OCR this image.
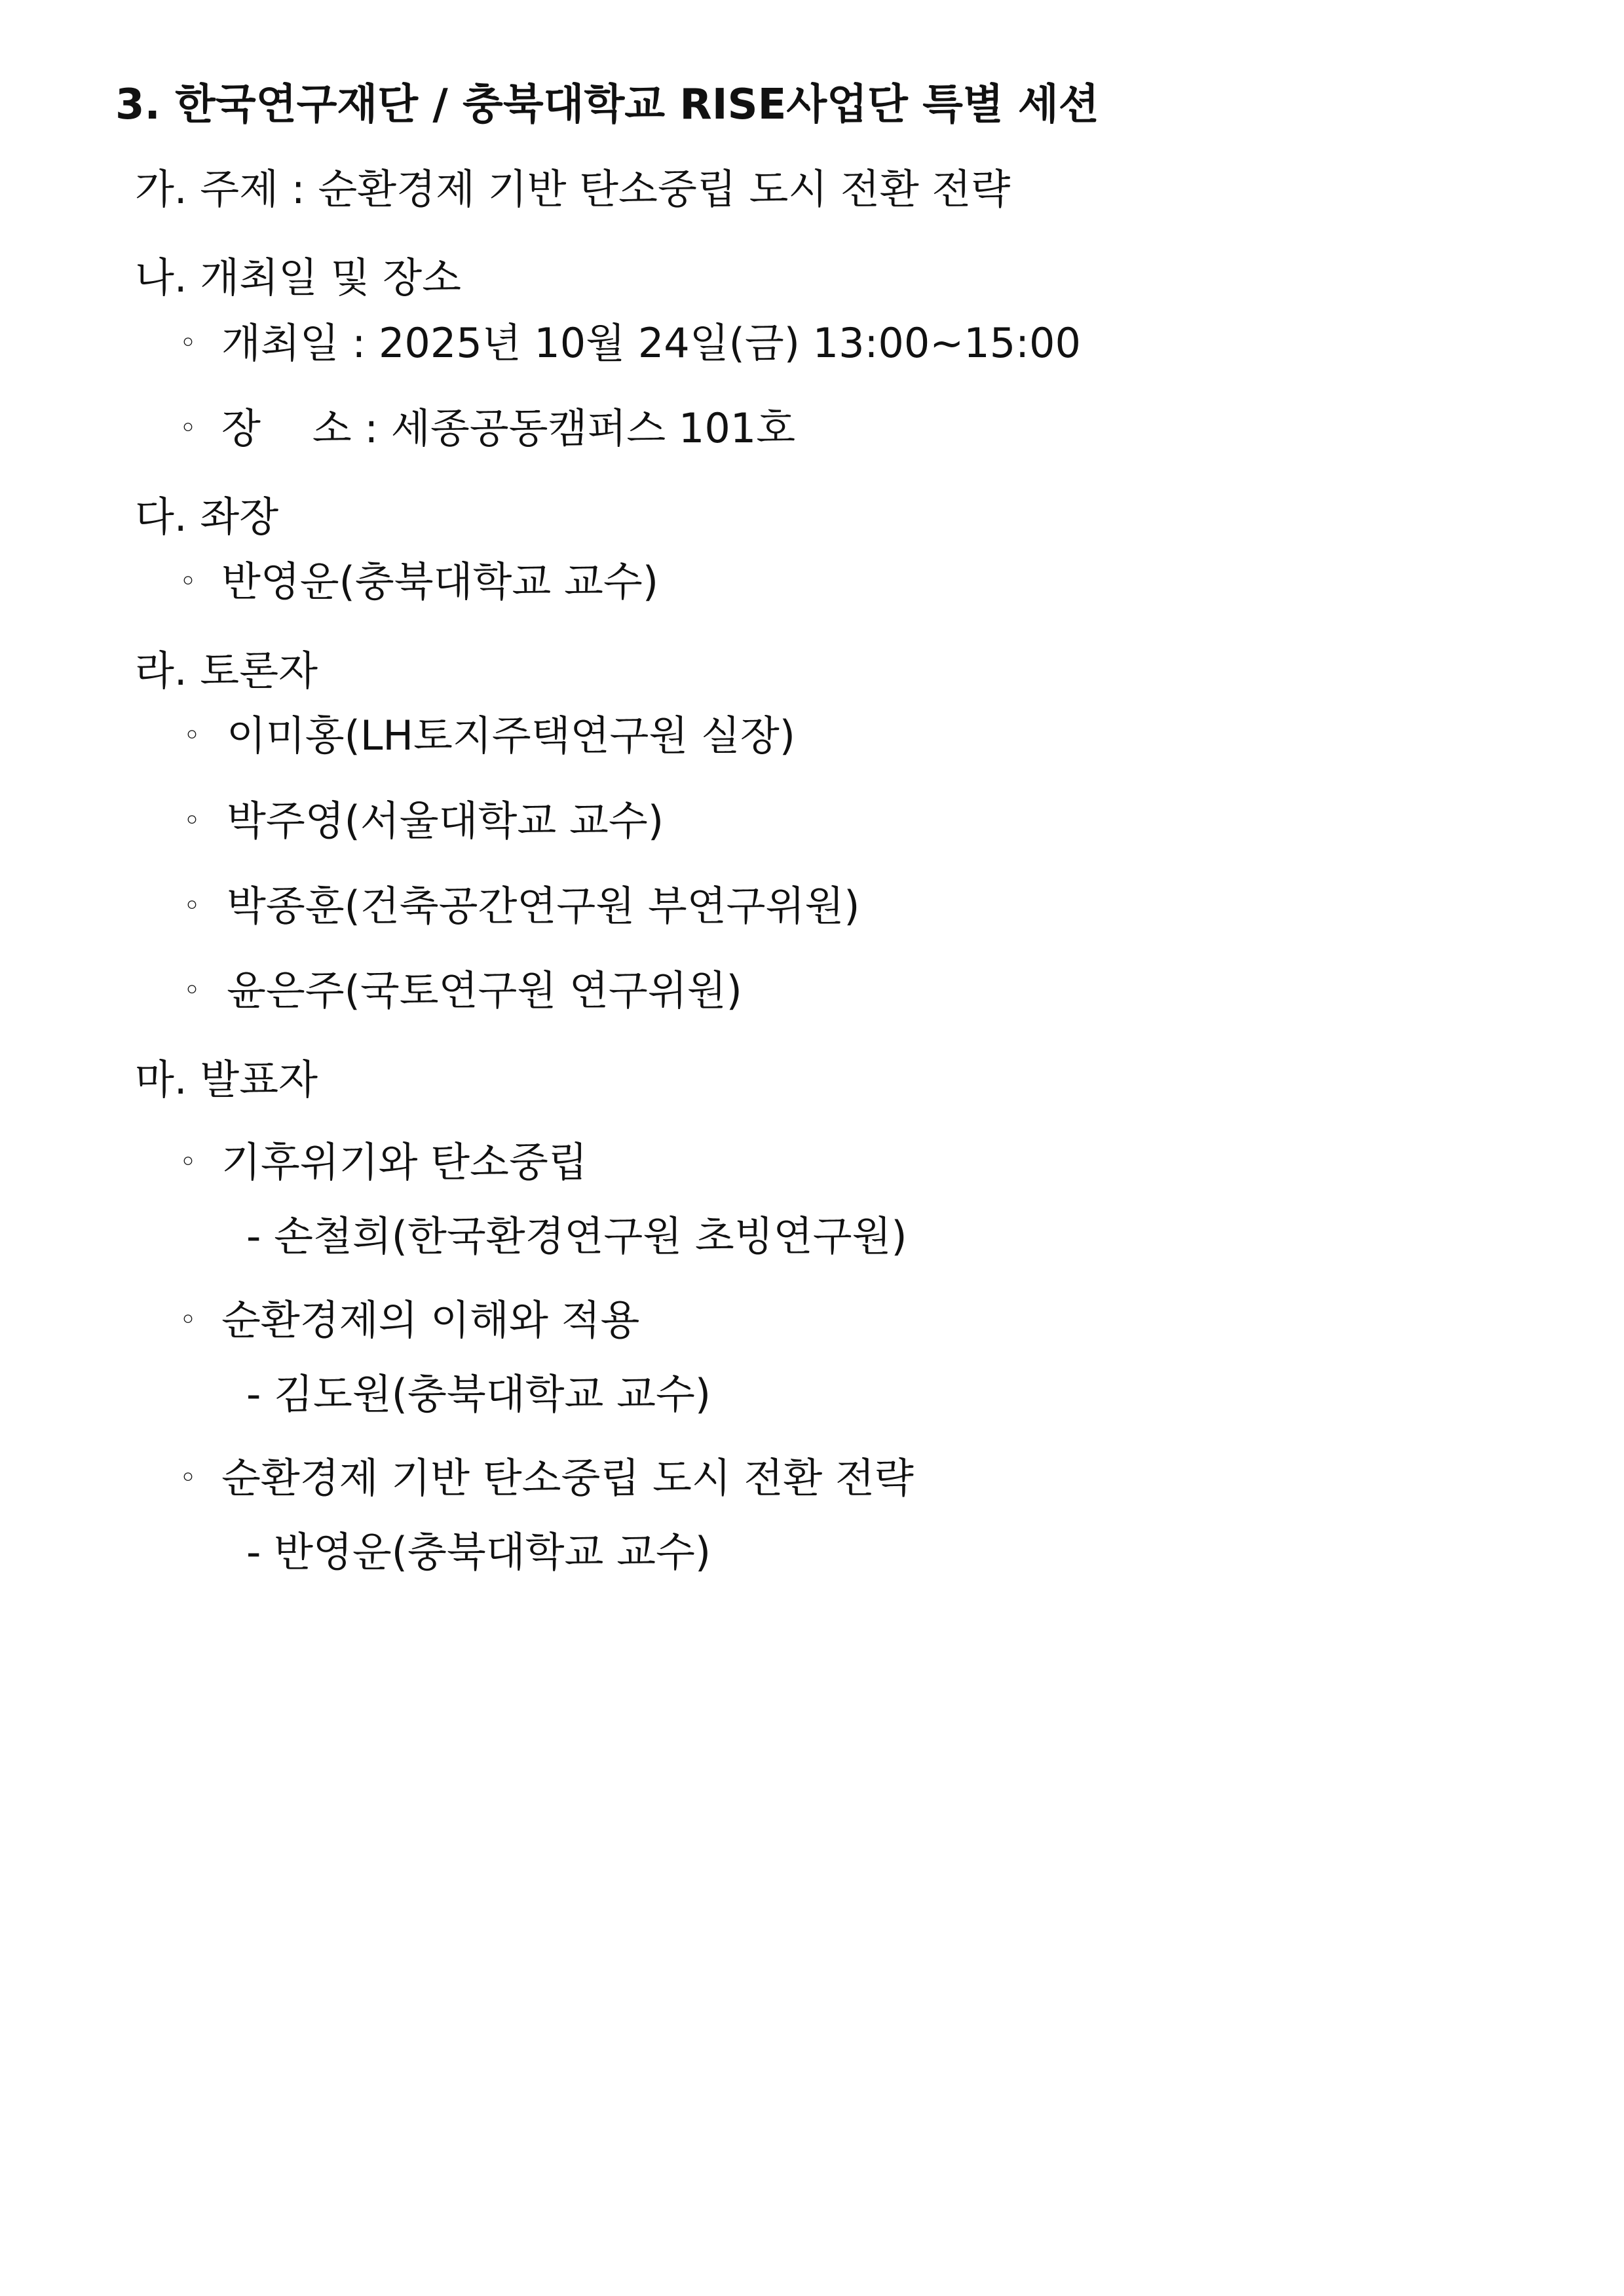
3. 한국연구재단 / 충북대학교 RISE사업단 특별 세션
가. 주제 : 순환경제 기반 탄소중립 도시 전환 전략
나. 개최일 및 장소
◦ 개최일 : 2025년 10월 24일(금) 13:00~15:00
◦ 장    소 : 세종공동캠퍼스 101호
다. 좌장
◦ 반영운(충북대학교 교수)
라. 토론자
◦ 이미홍(LH토지주택연구원 실장)
◦ 박주영(서울대학교 교수)
◦ 박종훈(건축공간연구원 부연구위원)
◦ 윤은주(국토연구원 연구위원)
마. 발표자
◦ 기후위기와 탄소중립
- 손철희(한국환경연구원 초빙연구원)
◦ 순환경제의 이해와 적용
- 김도원(충북대학교 교수)
◦ 순환경제 기반 탄소중립 도시 전환 전략
- 반영운(충북대학교 교수)
